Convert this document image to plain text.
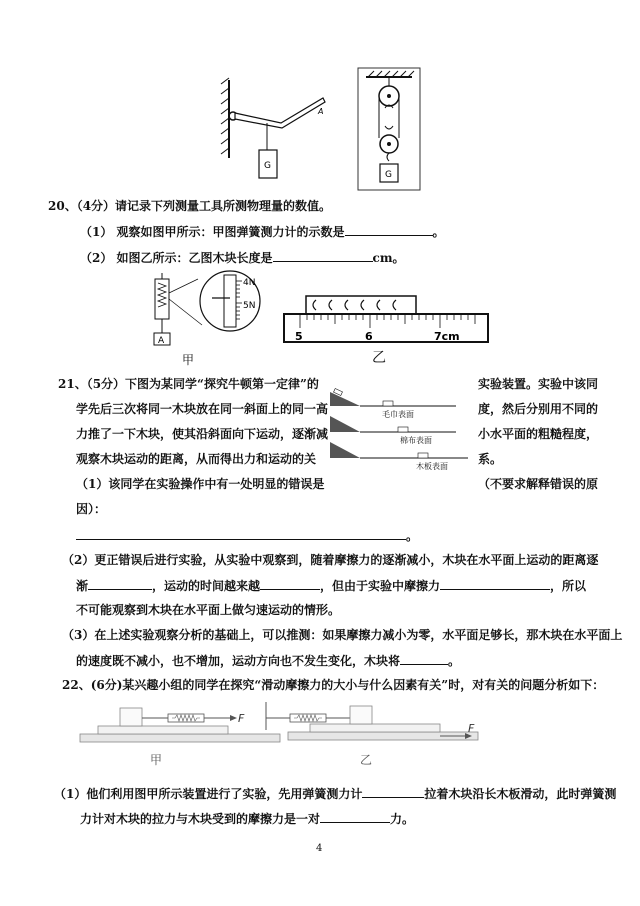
G
A
G
20、（4分）请记录下列测量工具所测物理量的数值。
（1） 观察如图甲所示：甲图弹簧测力计的示数是	。
（2） 如图乙所示：乙图木块长度是	cm。
A
4N
5N
甲
5	6	7cm
乙
21、（5分）下图为某同学“探究牛顿第一定律”的	实验装置。实验中该同
学先后三次将同一木块放在同一斜面上的同一高	度，然后分别用不同的
力推了一下木块，使其沿斜面向下运动，逐渐减	小水平面的粗糙程度，
观察木块运动的距离，从而得出力和运动的关	系。
毛巾表面
棉布表面
木板表面
（1）该同学在实验操作中有一处明显的错误是	（不要求解释错误的原
因）：
。
（2）更正错误后进行实验，从实验中观察到，随着摩擦力的逐渐减小，木块在水平面上运动的距离逐
渐	，运动的时间越来越	，但由于实验中摩擦力	，所以
不可能观察到木块在水平面上做匀速运动的情形。
（3）在上述实验观察分析的基础上，可以推测：如果摩擦力减小为零，水平面足够长，那木块在水平面上
的速度既不减小，也不增加，运动方向也不发生变化，木块将	。
22、(6分)某兴趣小组的同学在探究“滑动摩擦力的大小与什么因素有关”时，对有关的问题分析如下：
F
F
甲	乙
（1）他们利用图甲所示装置进行了实验，先用弹簧测力计	拉着木块沿长木板滑动，此时弹簧测
力计对木块的拉力与木块受到的摩擦力是一对	力。
4
